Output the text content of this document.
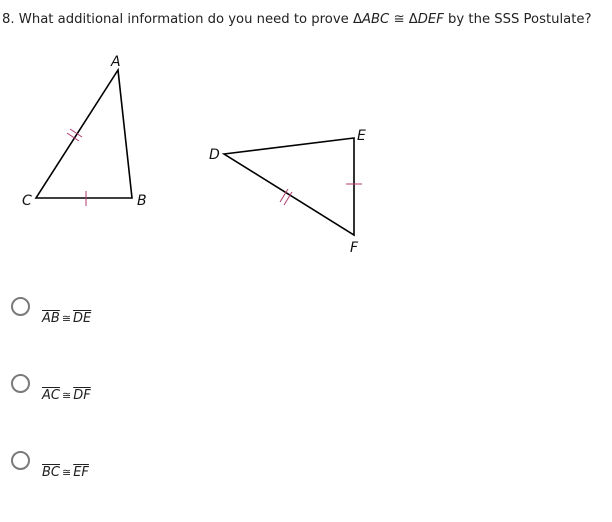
8. What additional information do you need to prove ΔABC ≅ ΔDEF by the SSS Postulate?
A
B
C
D
E
F
$\overline{AB}$ ≅ $\overline{DE}$
$\overline{AC}$ ≅ $\overline{DF}$
$\overline{BC}$ ≅ $\overline{EF}$
